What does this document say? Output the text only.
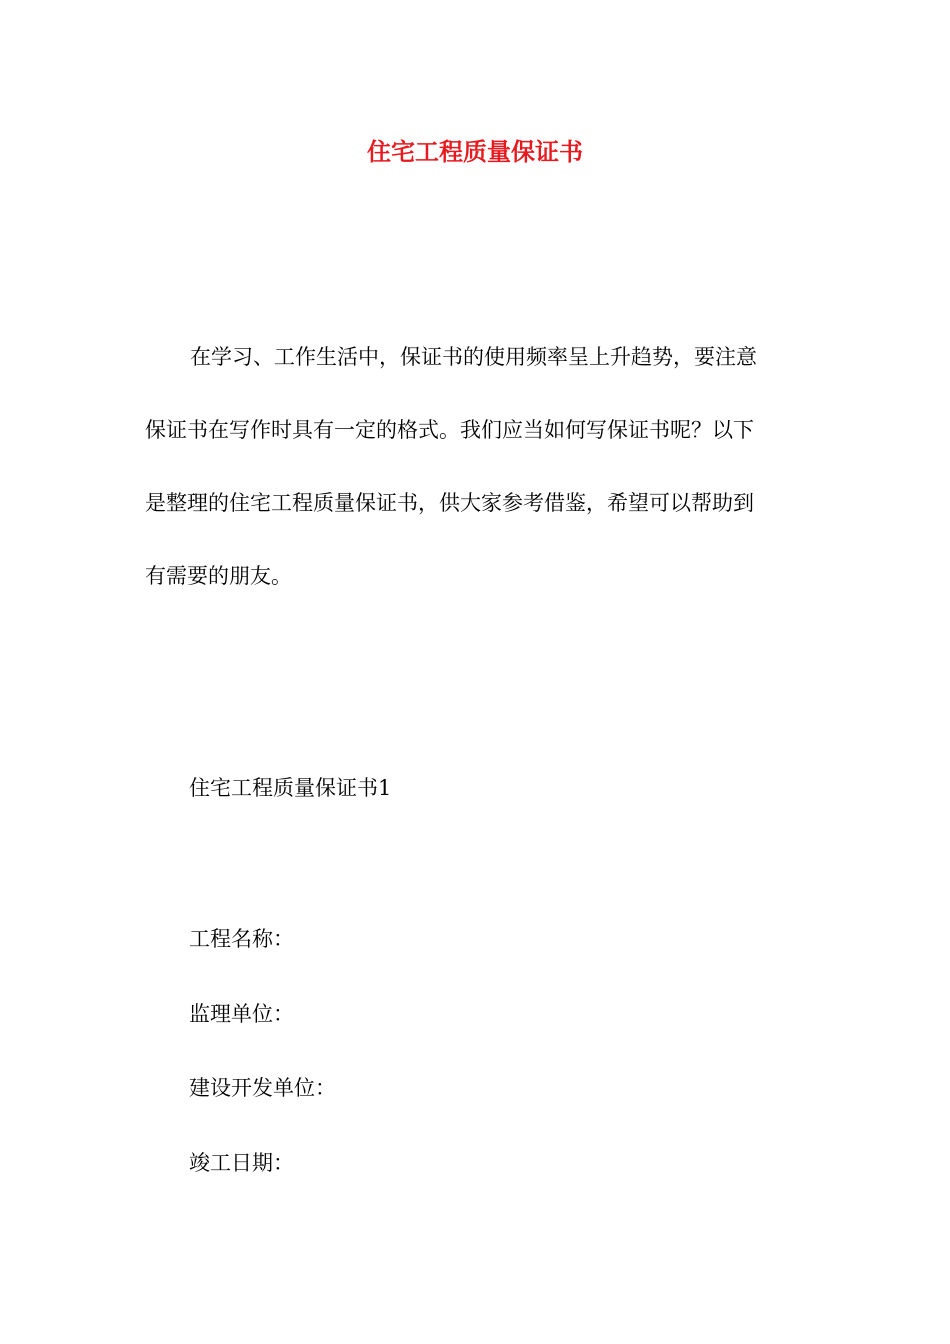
住宅工程质量保证书
在学习、工作生活中，保证书的使用频率呈上升趋势，要注意
保证书在写作时具有一定的格式。我们应当如何写保证书呢？以下
是整理的住宅工程质量保证书，供大家参考借鉴，希望可以帮助到
有需要的朋友。

住宅工程质量保证书1

工程名称：

监理单位：

建设开发单位：

竣工日期：
